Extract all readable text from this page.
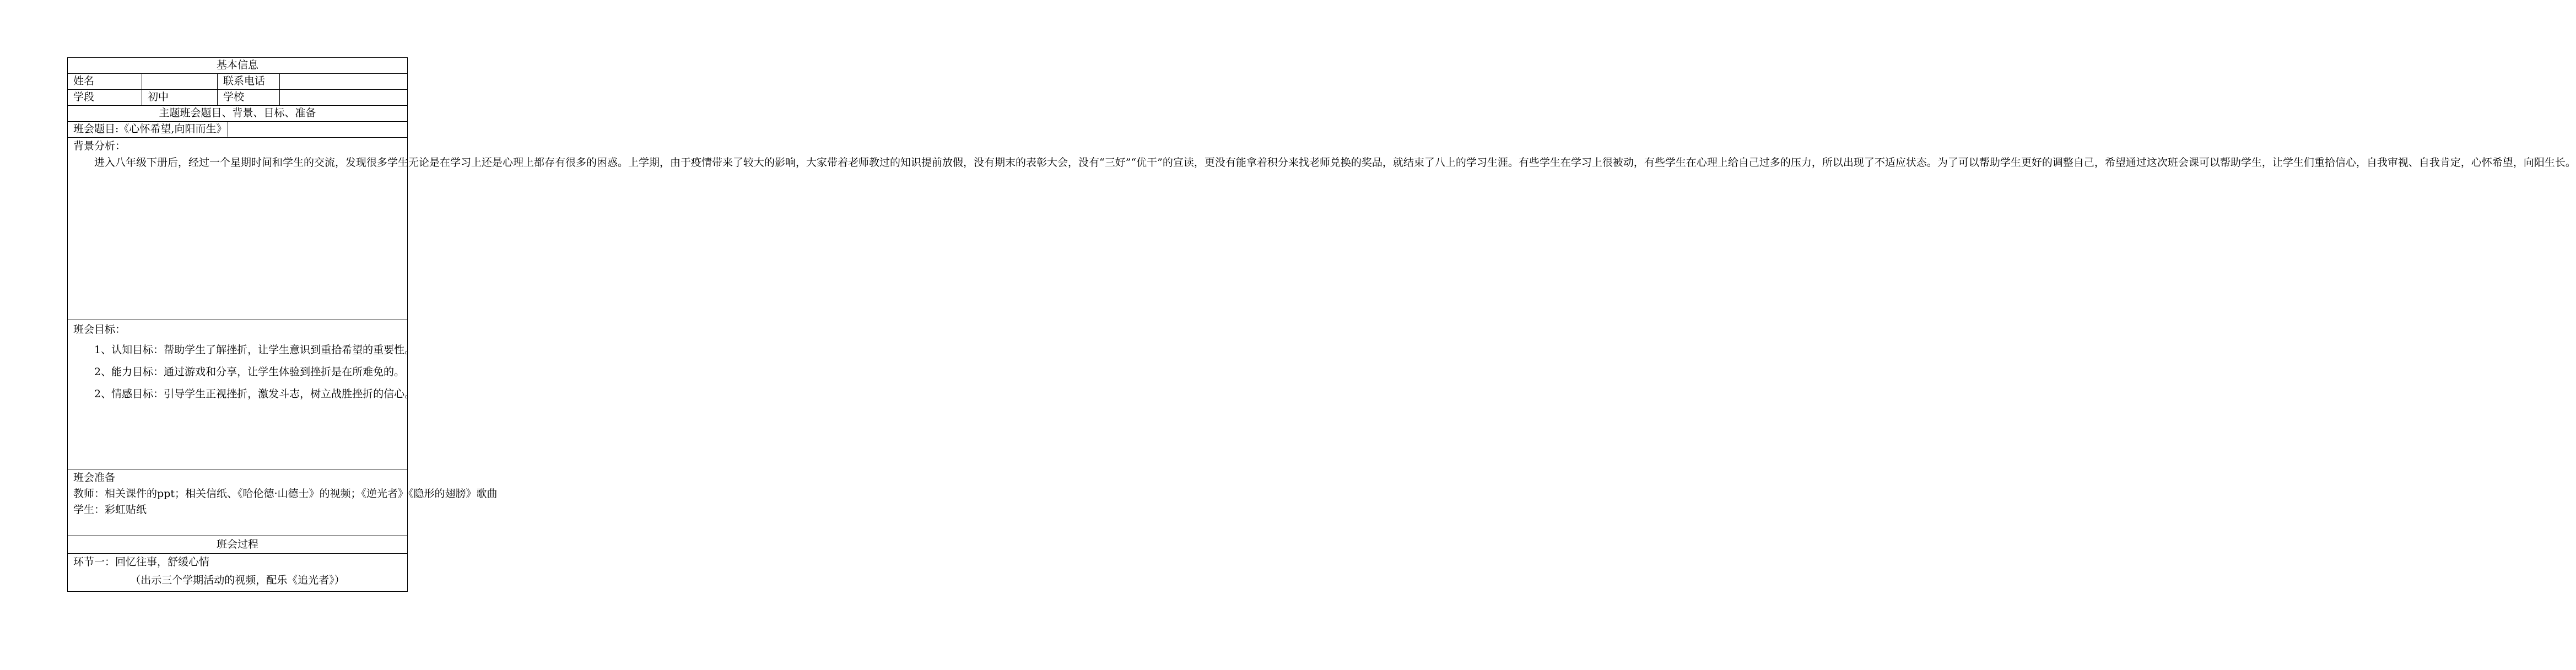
基本信息			
姓名		联系电话	
学段	初中	学校	
主题班会题目、背景、目标、准备			
班会题目:《心怀希望,向阳而生》			

背景分析：

进入八年级下册后，经过一个星期时间和学生的交流，发现很多学生无论是在学习上还是心理上都存有很多的困惑。上学期，由于疫情带来了较大的影响，大家带着老师教过的知识提前放假，没有期末的表彰大会，没有“三好”“优干”的宣读，更没有能拿着积分来找老师兑换的奖品，就结束了八上的学习生涯。有些学生在学习上很被动，有些学生在心理上给自己过多的压力，所以出现了不适应状态。为了可以帮助学生更好的调整自己，希望通过这次班会课可以帮助学生，让学生们重拾信心，自我审视、自我肯定，心怀希望，向阳生长。			

班会目标：

1、认知目标：帮助学生了解挫折，让学生意识到重拾希望的重要性。

2、能力目标：通过游戏和分享，让学生体验到挫折是在所难免的。

2、情感目标：引导学生正视挫折，激发斗志，树立战胜挫折的信心。			

班会准备

教师：相关课件的ppt；相关信纸、《哈伦德·山德士》的视频；《逆光者》《隐形的翅膀》歌曲

学生：彩虹贴纸			

班会过程			

环节一：回忆往事，舒缓心情

（出示三个学期活动的视频，配乐《追光者》）			
